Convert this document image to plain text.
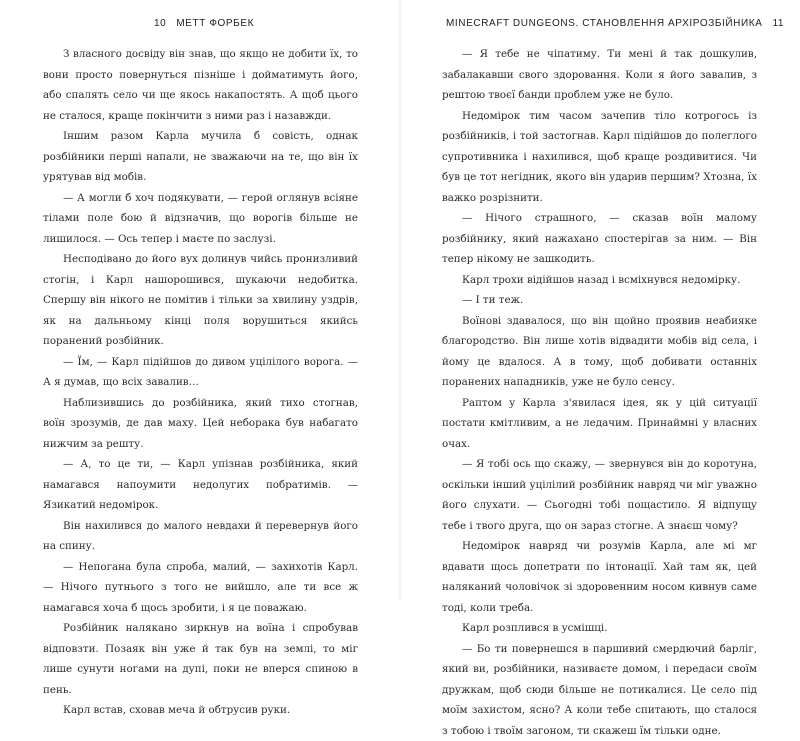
10 МЕТТ ФОРБЕК

З власного досвіду він знав, що якщо не добити їх, то вони просто повернуться пізніше і дойматимуть його, або спалять село чи ще якось накапостять. А щоб цього не сталося, краще покінчити з ними раз і назавжди.

Іншим разом Карла мучила б совість, однак розбійники перші напали, не зважаючи на те, що він їх урятував від мобів.

— А могли б хоч подякувати, — герой оглянув всіяне тілами поле бою й відзначив, що ворогів більше не лишилося. — Ось тепер і маєте по заслузі.

Несподівано до його вух долинув чийсь пронизливий стогін, і Карл нашорошився, шукаючи недобитка. Спершу він нікого не помітив і тільки за хвилину уздрів, як на дальньому кінці поля ворушиться якийсь поранений розбійник.

— Їм, — Карл підійшов до дивом уцілілого ворога. — А я думав, що всіх завалив…

Наблизившись до розбійника, який тихо стогнав, воїн зрозумів, де дав маху. Цей неборака був набагато нижчим за решту.

— А, то це ти, — Карл упізнав розбійника, який намагався напоумити недолугих побратимів. — Язикатий недомірок.

Він нахилився до малого невдахи й перевернув його на спину.

— Непогана була спроба, малий, — захихотів Карл. — Нічого путнього з того не вийшло, але ти все ж намагався хоча б щось зробити, і я це поважаю.

Розбійник налякано зиркнув на воїна і спробував відповзти. Позаяк він уже й так був на землі, то міг лише сунути ногами на дупі, поки не вперся спиною в пень.

Карл встав, сховав меча й обтрусив руки.

MINECRAFT DUNGEONS. СТАНОВЛЕННЯ АРХІРОЗБІЙНИКА 11

— Я тебе не чіпатиму. Ти мені й так дошкулив, забалакавши свого здоровання. Коли я його завалив, з рештою твоєї банди проблем уже не було.

Недомірок тим часом зачепив тіло котрогось із розбійників, і той застогнав. Карл підійшов до полеглого супротивника і нахилився, щоб краще роздивитися. Чи був це тот негідник, якого він ударив першим? Хтозна, їх важко розрізнити.

— Нічого страшного, — сказав воїн малому розбійнику, який нажахано спостерігав за ним. — Він тепер нікому не зашкодить.

Карл трохи відійшов назад і всміхнувся недомірку.

— І ти теж.

Воїнові здавалося, що він щойно проявив неабияке благородство. Він лише хотів відвадити мобів від села, і йому це вдалося. А в тому, щоб добивати останніх поранених нападників, уже не було сенсу.

Раптом у Карла з'явилася ідея, як у цій ситуації постати кмітливим, а не ледачим. Принаймні у власних очах.

— Я тобі ось що скажу, — звернувся він до коротуна, оскільки інший уцілілий розбійник навряд чи міг уважно його слухати. — Сьогодні тобі пощастило. Я відпущу тебе і твого друга, що он зараз стогне. А знаєш чому?

Недомірок навряд чи розумів Карла, але мі мг вдавати щось допетрати по інтонації. Хай там як, цей наляканий чоловічок зі здоровенним носом кивнув саме тоді, коли треба.

Карл розплився в усмішці.

— Бо ти повернешся в паршивий смердючий барліг, який ви, розбійники, називаєте домом, і передаси своїм дружкам, щоб сюди більше не потикалися. Це село під моїм захистом, ясно? А коли тебе спитають, що сталося з тобою і твоїм загоном, ти скажеш їм тільки одне.
